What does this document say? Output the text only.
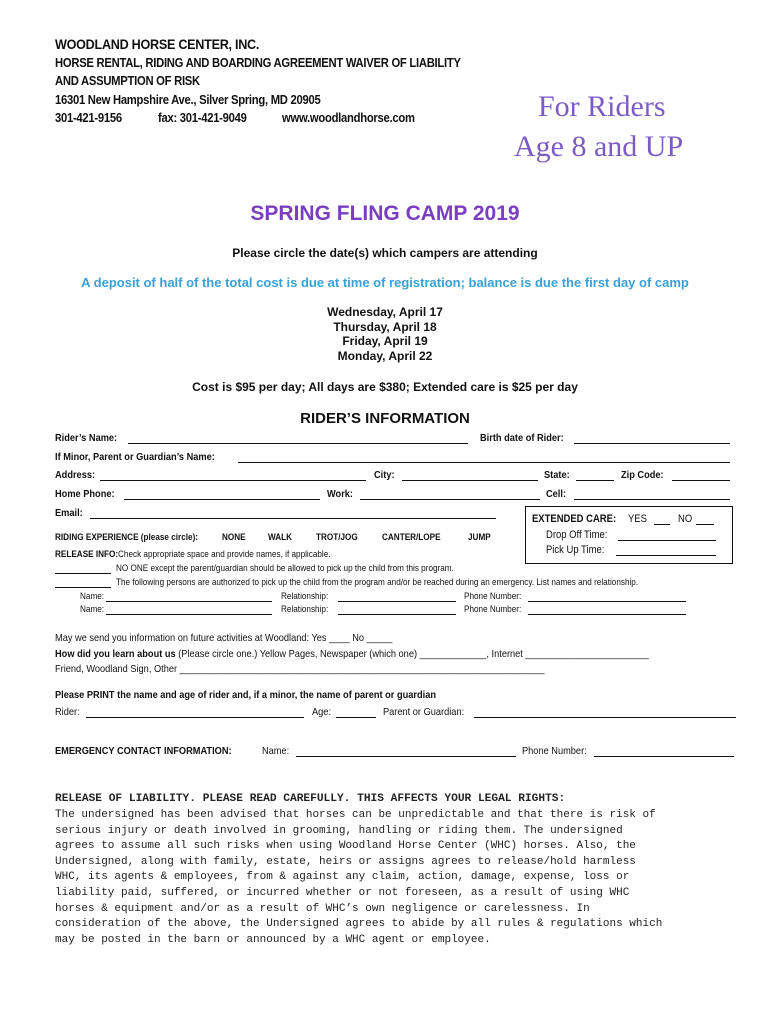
WOODLAND HORSE CENTER, INC.
HORSE RENTAL, RIDING AND BOARDING AGREEMENT WAIVER OF LIABILITY
AND ASSUMPTION OF RISK
16301 New Hampshire Ave., Silver Spring, MD 20905
301-421-9156	fax: 301-421-9049	www.woodlandhorse.com	For Riders
Age 8 and UP
SPRING FLING CAMP 2019
Please circle the date(s) which campers are attending
A deposit of half of the total cost is due at time of registration; balance is due the first day of camp
Wednesday, April 17
Thursday, April 18
Friday, April 19
Monday, April 22
Cost is $95 per day; All days are $380; Extended care is $25 per day
RIDER’S INFORMATION
Rider’s Name:	Birth date of Rider:
If Minor, Parent or Guardian’s Name:
Address:	City:	State:	Zip Code:
Home Phone:	Work:	Cell:
Email:
RIDING EXPERIENCE (please circle):	NONE WALK	TROT/JOG	CANTER/LOPE	JUMP
EXTENDED CARE: YES	NO
Drop Off Time:
Pick Up Time:
RELEASE INFO: Check appropriate space and provide names, if applicable.
NO ONE except the parent/guardian should be allowed to pick up the child from this program.
The following persons are authorized to pick up the child from the program and/or be reached during an emergency. List names and relationship.
Name:	Relationship:	Phone Number:
Name:	Relationship:	Phone Number:
May we send you information on future activities at Woodland: Yes ____ No _____
How did you learn about us (Please circle one.) Yellow Pages, Newspaper (which one) _____________, Internet ________________________
Friend, Woodland Sign, Other _______________________________________________________________________
Please PRINT the name and age of rider and, if a minor, the name of parent or guardian
Rider:	Age:	Parent or Guardian:
EMERGENCY CONTACT INFORMATION:	Name:	Phone Number:
RELEASE OF LIABILITY. PLEASE READ CAREFULLY. THIS AFFECTS YOUR LEGAL RIGHTS:
The undersigned has been advised that horses can be unpredictable and that there is risk of
serious injury or death involved in grooming, handling or riding them. The undersigned
agrees to assume all such risks when using Woodland Horse Center (WHC) horses. Also, the
Undersigned, along with family, estate, heirs or assigns agrees to release/hold harmless
WHC, its agents & employees, from & against any claim, action, damage, expense, loss or
liability paid, suffered, or incurred whether or not foreseen, as a result of using WHC
horses & equipment and/or as a result of WHC’s own negligence or carelessness. In
consideration of the above, the Undersigned agrees to abide by all rules & regulations which
may be posted in the barn or announced by a WHC agent or employee.
